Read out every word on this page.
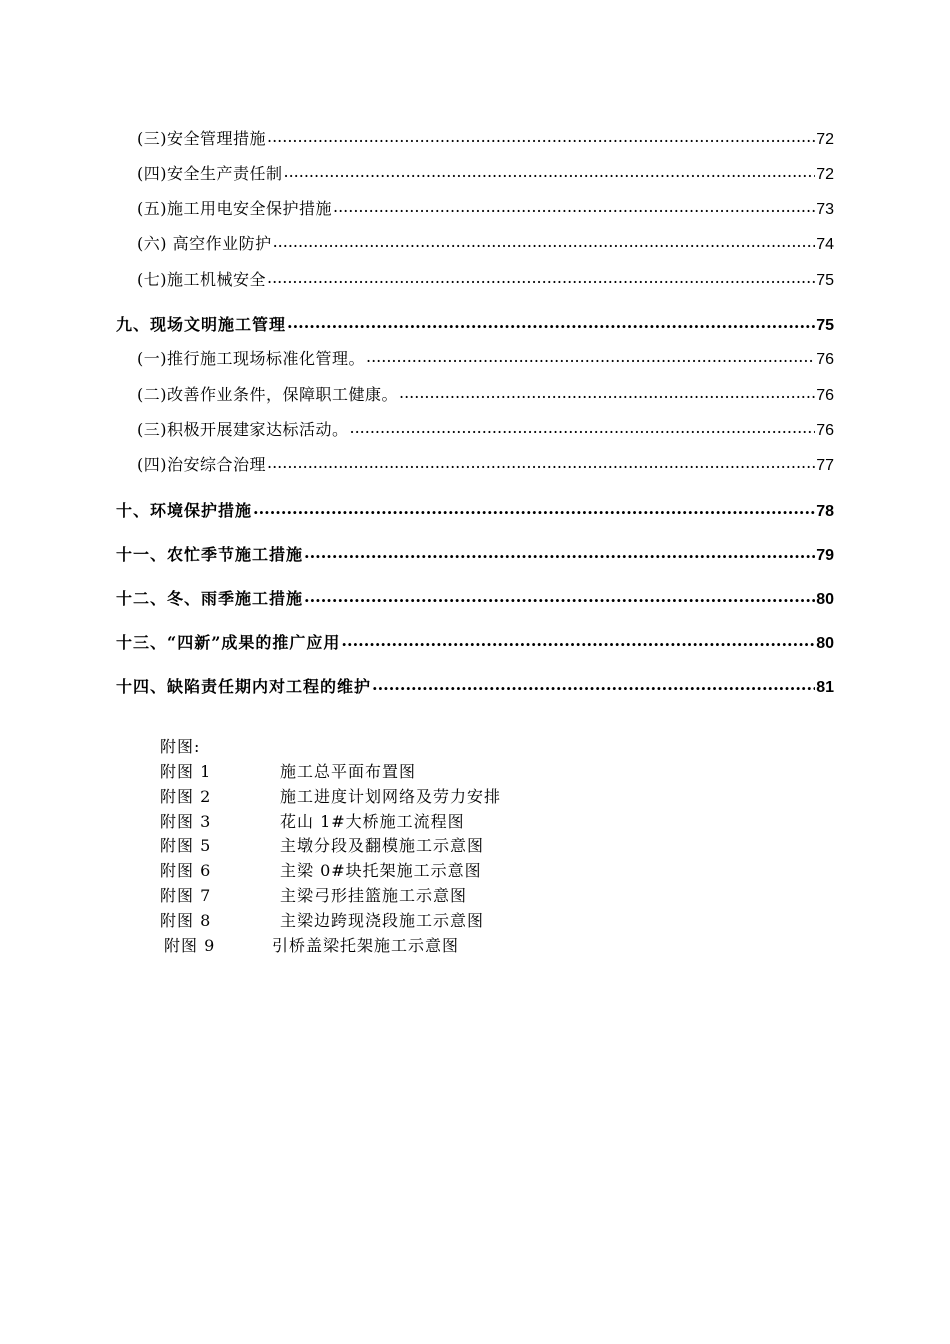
(三)安全管理措施 .....	72
(四)安全生产责任制 .....	72
(五)施工用电安全保护措施 .....	73
(六) 高空作业防护 .....	74
(七)施工机械安全 .....	75
九、现场文明施工管理 .....	75
(一)推行施工现场标准化管理。 .....	76
(二)改善作业条件，保障职工健康。 .....	76
(三)积极开展建家达标活动。 .....	76
(四)治安综合治理 .....	77
十、环境保护措施 .....	78
十一、农忙季节施工措施 .....	79
十二、冬、雨季施工措施 .....	80
十三、“四新”成果的推广应用 .....	80
十四、缺陷责任期内对工程的维护 .....	81
附图:
附图 1	施工总平面布置图
附图 2	施工进度计划网络及劳力安排
附图 3	花山 1#大桥施工流程图
附图 5	主墩分段及翻模施工示意图
附图 6	主梁 0#块托架施工示意图
附图 7	主梁弓形挂篮施工示意图
附图 8	主梁边跨现浇段施工示意图
附图 9	引桥盖梁托架施工示意图
